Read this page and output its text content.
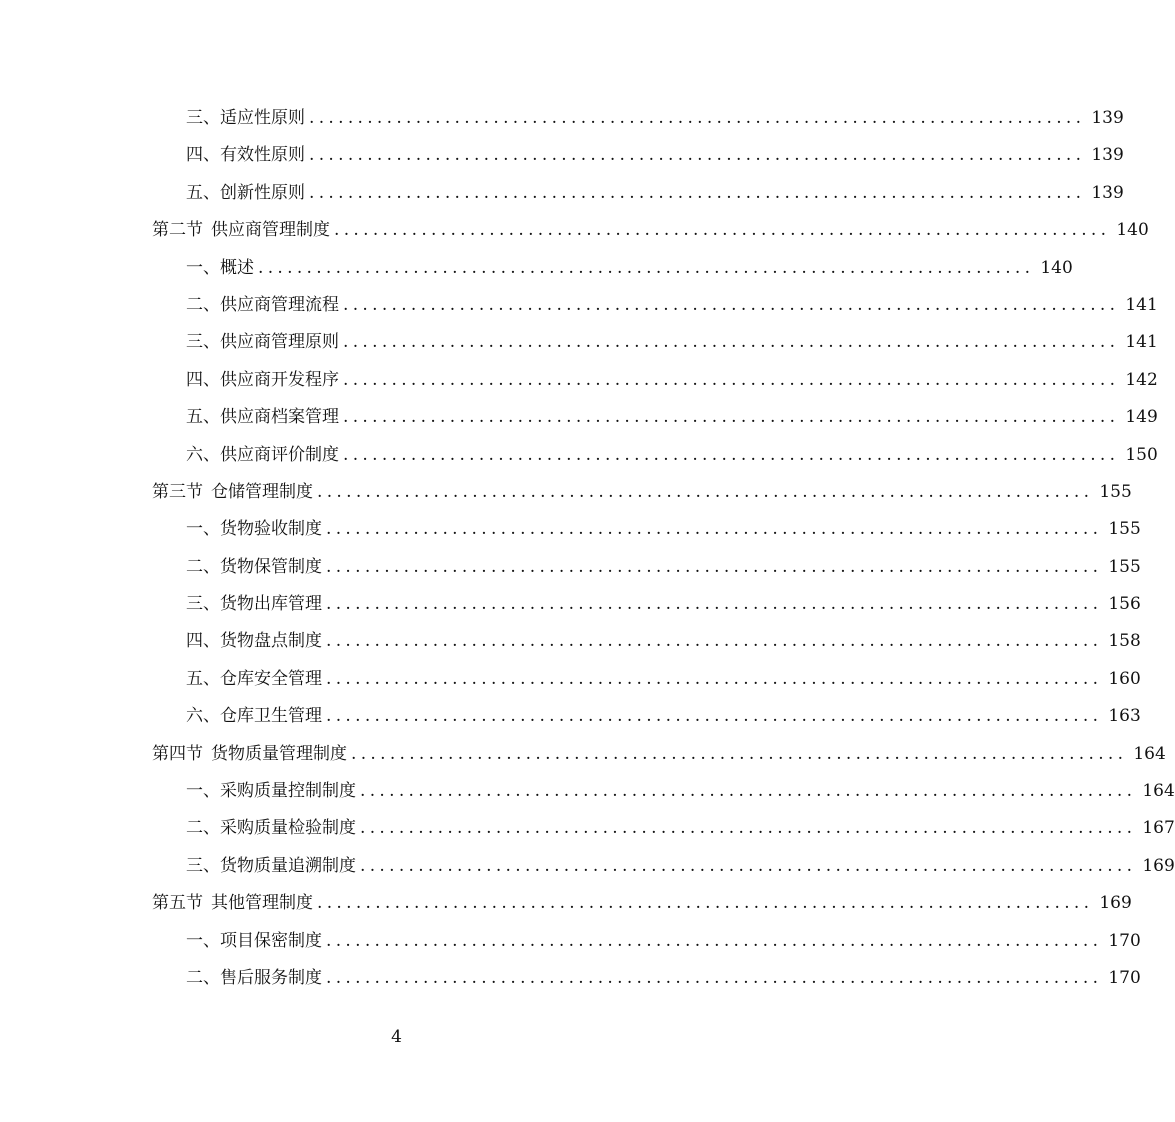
三、适应性原则 ................................................................................ 139
四、有效性原则 ................................................................................ 139
五、创新性原则 ................................................................................ 139
第二节 供应商管理制度 ................................................................................ 140
一、概述 ................................................................................ 140
二、供应商管理流程 ................................................................................ 141
三、供应商管理原则 ................................................................................ 141
四、供应商开发程序 ................................................................................ 142
五、供应商档案管理 ................................................................................ 149
六、供应商评价制度 ................................................................................ 150
第三节 仓储管理制度 ................................................................................ 155
一、货物验收制度 ................................................................................ 155
二、货物保管制度 ................................................................................ 155
三、货物出库管理 ................................................................................ 156
四、货物盘点制度 ................................................................................ 158
五、仓库安全管理 ................................................................................ 160
六、仓库卫生管理 ................................................................................ 163
第四节 货物质量管理制度 ................................................................................ 164
一、采购质量控制制度 ................................................................................ 164
二、采购质量检验制度 ................................................................................ 167
三、货物质量追溯制度 ................................................................................ 169
第五节 其他管理制度 ................................................................................ 169
一、项目保密制度 ................................................................................ 170
二、售后服务制度 ................................................................................ 170
4
